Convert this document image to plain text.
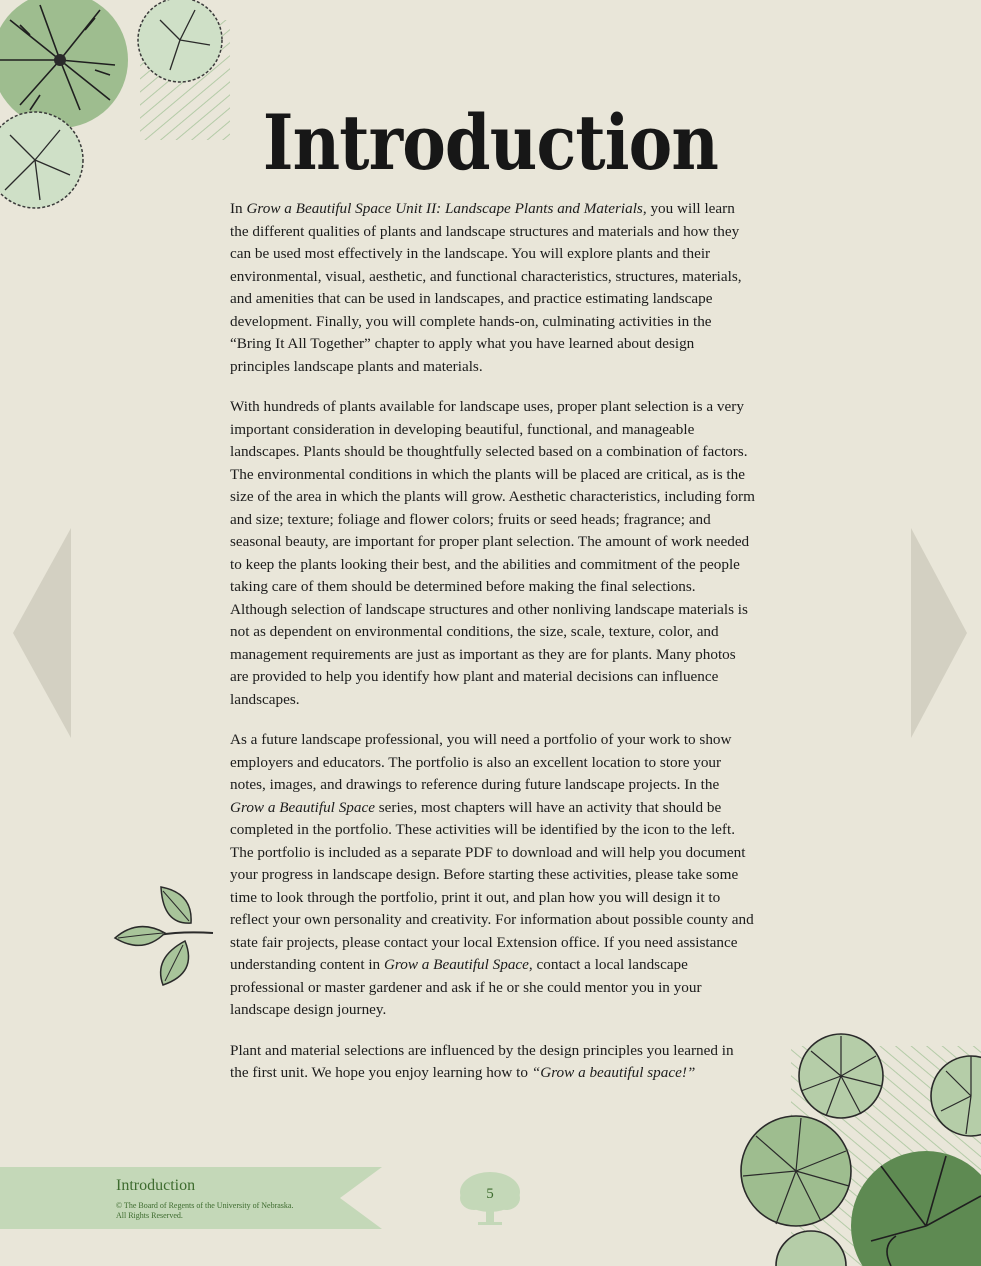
Introduction

In Grow a Beautiful Space Unit II: Landscape Plants and Materials, you will learn the different qualities of plants and landscape structures and materials and how they can be used most effectively in the landscape. You will explore plants and their environmental, visual, aesthetic, and functional characteristics, structures, materials, and amenities that can be used in landscapes, and practice estimating landscape development. Finally, you will complete hands-on, culminating activities in the “Bring It All Together” chapter to apply what you have learned about design principles landscape plants and materials.

With hundreds of plants available for landscape uses, proper plant selection is a very important consideration in developing beautiful, functional, and manageable landscapes. Plants should be thoughtfully selected based on a combination of factors. The environmental conditions in which the plants will be placed are critical, as is the size of the area in which the plants will grow. Aesthetic characteristics, including form and size; texture; foliage and flower colors; fruits or seed heads; fragrance; and seasonal beauty, are important for proper plant selection. The amount of work needed to keep the plants looking their best, and the abilities and commitment of the people taking care of them should be determined before making the final selections. Although selection of landscape structures and other nonliving landscape materials is not as dependent on environmental conditions, the size, scale, texture, color, and management requirements are just as important as they are for plants. Many photos are provided to help you identify how plant and material decisions can influence landscapes.

As a future landscape professional, you will need a portfolio of your work to show employers and educators. The portfolio is also an excellent location to store your notes, images, and drawings to reference during future landscape projects. In the Grow a Beautiful Space series, most chapters will have an activity that should be completed in the portfolio. These activities will be identified by the icon to the left. The portfolio is included as a separate PDF to download and will help you document your progress in landscape design. Before starting these activities, please take some time to look through the portfolio, print it out, and plan how you will design it to reflect your own personality and creativity. For information about possible county and state fair projects, please contact your local Extension office. If you need assistance understanding content in Grow a Beautiful Space, contact a local landscape professional or master gardener and ask if he or she could mentor you in your landscape design journey.

Plant and material selections are influenced by the design principles you learned in the first unit. We hope you enjoy learning how to “Grow a beautiful space!”

Introduction
© The Board of Regents of the University of Nebraska.
All Rights Reserved.
5
